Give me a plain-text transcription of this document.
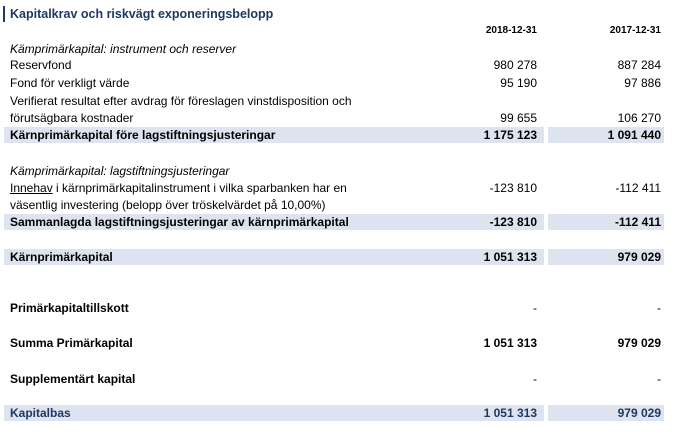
Kapitalkrav och riskvägt exponeringsbelopp
2018-12-31	2017-12-31
Kämprimärkapital: instrument och reserver
Reservfond	980 278	887 284
Fond för verkligt värde	95 190	97 886
Verifierat resultat efter avdrag för föreslagen vinstdisposition och
förutsägbara kostnader	99 655	106 270
Kärnprimärkapital före lagstiftningsjusteringar	1 175 123	1 091 440
Kämprimärkapital: lagstiftningsjusteringar
Innehav i kärnprimärkapitalinstrument i vilka sparbanken har en	-123 810	-112 411
väsentlig investering (belopp över tröskelvärdet på 10,00%)
Sammanlagda lagstiftningsjusteringar av kärnprimärkapital	-123 810	-112 411
Kärnprimärkapital	1 051 313	979 029
Primärkapitaltillskott	-	-
Summa Primärkapital	1 051 313	979 029
Supplementärt kapital	-	-
Kapitalbas	1 051 313	979 029
